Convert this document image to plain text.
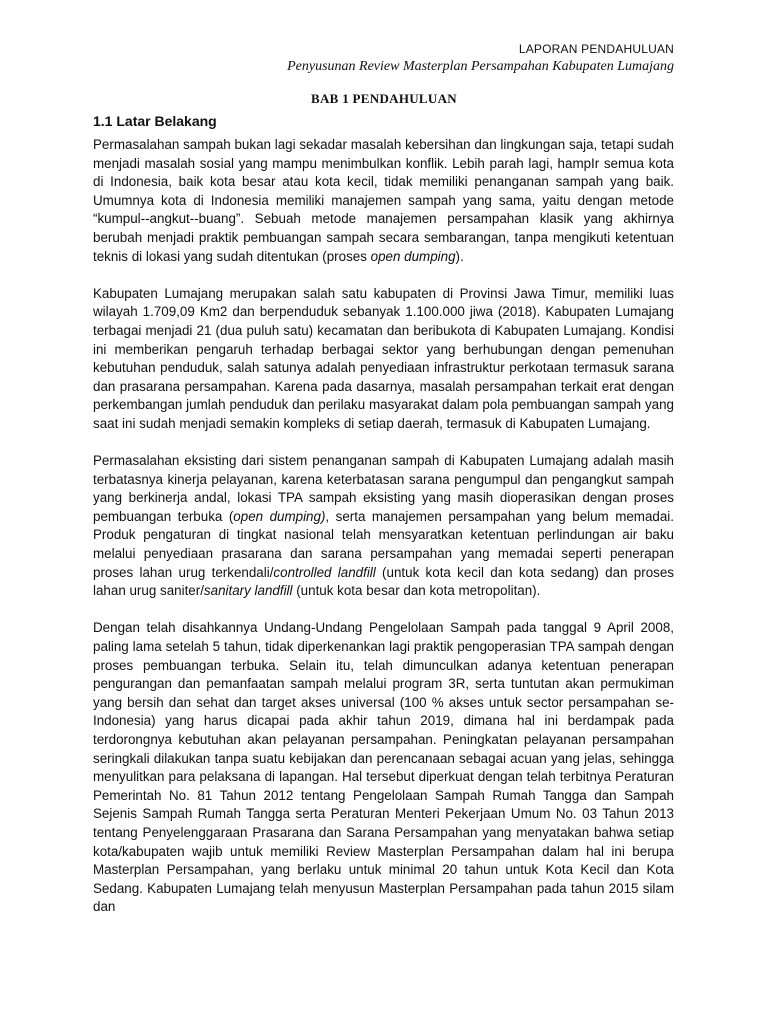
LAPORAN PENDAHULUAN
Penyusunan Review Masterplan Persampahan Kabupaten Lumajang
BAB 1 PENDAHULUAN
1.1 Latar Belakang

Permasalahan sampah bukan lagi sekadar masalah kebersihan dan lingkungan saja, tetapi sudah menjadi masalah sosial yang mampu menimbulkan konflik. Lebih parah lagi, hampIr semua kota di Indonesia, baik kota besar atau kota kecil, tidak memiliki penanganan sampah yang baik. Umumnya kota di Indonesia memiliki manajemen sampah yang sama, yaitu dengan metode “kumpul--angkut--buang”. Sebuah metode manajemen persampahan klasik yang akhirnya berubah menjadi praktik pembuangan sampah secara sembarangan, tanpa mengikuti ketentuan teknis di lokasi yang sudah ditentukan (proses open dumping).

Kabupaten Lumajang merupakan salah satu kabupaten di Provinsi Jawa Timur, memiliki luas wilayah 1.709,09 Km2 dan berpenduduk sebanyak 1.100.000 jiwa (2018). Kabupaten Lumajang terbagai menjadi 21 (dua puluh satu) kecamatan dan beribukota di Kabupaten Lumajang. Kondisi ini memberikan pengaruh terhadap berbagai sektor yang berhubungan dengan pemenuhan kebutuhan penduduk, salah satunya adalah penyediaan infrastruktur perkotaan termasuk sarana dan prasarana persampahan. Karena pada dasarnya, masalah persampahan terkait erat dengan perkembangan jumlah penduduk dan perilaku masyarakat dalam pola pembuangan sampah yang saat ini sudah menjadi semakin kompleks di setiap daerah, termasuk di Kabupaten Lumajang.

Permasalahan eksisting dari sistem penanganan sampah di Kabupaten Lumajang adalah masih terbatasnya kinerja pelayanan, karena keterbatasan sarana pengumpul dan pengangkut sampah yang berkinerja andal, lokasi TPA sampah eksisting yang masih dioperasikan dengan proses pembuangan terbuka (open dumping), serta manajemen persampahan yang belum memadai. Produk pengaturan di tingkat nasional telah mensyaratkan ketentuan perlindungan air baku melalui penyediaan prasarana dan sarana persampahan yang memadai seperti penerapan proses lahan urug terkendali/controlled landfill (untuk kota kecil dan kota sedang) dan proses lahan urug saniter/sanitary landfill (untuk kota besar dan kota metropolitan).

Dengan telah disahkannya Undang-Undang Pengelolaan Sampah pada tanggal 9 April 2008, paling lama setelah 5 tahun, tidak diperkenankan lagi praktik pengoperasian TPA sampah dengan proses pembuangan terbuka. Selain itu, telah dimunculkan adanya ketentuan penerapan pengurangan dan pemanfaatan sampah melalui program 3R, serta tuntutan akan permukiman yang bersih dan sehat dan target akses universal (100 % akses untuk sector persampahan se-Indonesia) yang harus dicapai pada akhir tahun 2019, dimana hal ini berdampak pada terdorongnya kebutuhan akan pelayanan persampahan. Peningkatan pelayanan persampahan seringkali dilakukan tanpa suatu kebijakan dan perencanaan sebagai acuan yang jelas, sehingga menyulitkan para pelaksana di lapangan. Hal tersebut diperkuat dengan telah terbitnya Peraturan Pemerintah No. 81 Tahun 2012 tentang Pengelolaan Sampah Rumah Tangga dan Sampah Sejenis Sampah Rumah Tangga serta Peraturan Menteri Pekerjaan Umum No. 03 Tahun 2013 tentang Penyelenggaraan Prasarana dan Sarana Persampahan yang menyatakan bahwa setiap kota/kabupaten wajib untuk memiliki Review Masterplan Persampahan dalam hal ini berupa Masterplan Persampahan, yang berlaku untuk minimal 20 tahun untuk Kota Kecil dan Kota Sedang. Kabupaten Lumajang telah menyusun Masterplan Persampahan pada tahun 2015 silam dan
